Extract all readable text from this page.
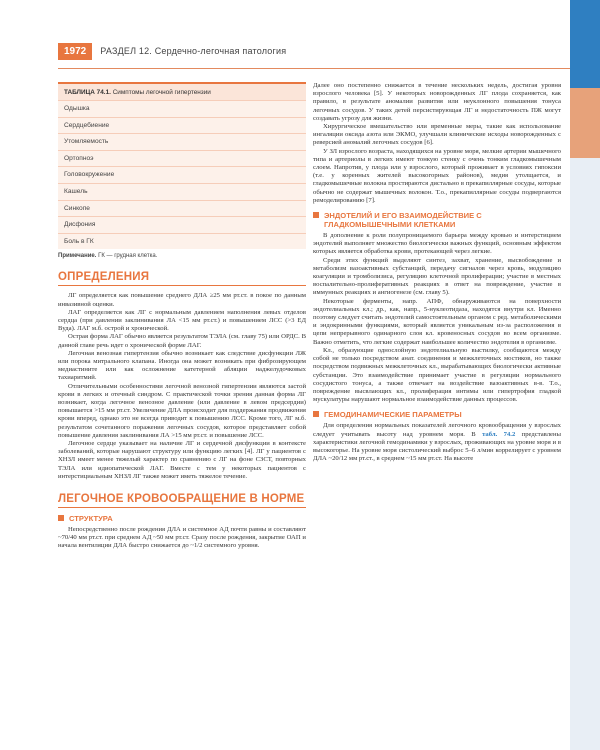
1972	РАЗДЕЛ 12. Сердечно-легочная патология
ТАБЛИЦА 74.1. Симптомы легочной гипертензии
Одышка
Сердцебиение
Утомляемость
Ортопноэ
Головокружение
Кашель
Синкопе
Дисфония
Боль в ГК
Примечание. ГК — грудная клетка.
ОПРЕДЕЛЕНИЯ

ЛГ определяется как повышение среднего ДЛА ≥25 мм рт.ст. в покое по данным инвазивной оценки.

ЛАГ определяется как ЛГ с нормальным давлением наполнения левых отделов сердца (при давлении заклинивания ЛА <15 мм рт.ст.) и повышением ЛСС (>3 ЕД Вуда). ЛАГ м.б. острой и хронической.

Острая форма ЛАГ обычно является результатом ТЭЛА (см. главу 75) или ОРДС. В данной главе речь идет о хронической форме ЛАГ.

Легочная венозная гипертензия обычно возникает как следствие дисфункции ЛЖ или порока митрального клапана. Иногда она может возникать при фиброзирующем медиастините или как осложнение катетерной абляции наджелудочковых тахиаритмий.

Отличительными особенностями легочной венозной гипертензии являются застой крови в легких и отечный синдром. С практической точки зрения данная форма ЛГ возникает, когда легочное венозное давление (или давление в левом предсердии) повышается >15 мм рт.ст. Увеличение ДЛА происходит для поддержания продвижения крови вперед, однако это не всегда приводит к повышению ЛСС. Кроме того, ЛГ м.б. результатом сочетанного поражения легочных сосудов, которое представляет собой повышение давления заклинивания ЛА >15 мм рт.ст. и повышение ЛСС.

Легочное сердце указывает на наличие ЛГ и сердечной дисфункции в контексте заболеваний, которые нарушают структуру или функцию легких [4]. ЛГ у пациентов с ХНЗЛ имеет менее тяжелый характер по сравнению с ЛГ на фоне СЗСТ, повторных ТЭЛА или идиопатической ЛАГ. Вместе с тем у некоторых пациентов с интерстициальным ХНЗЛ ЛГ также может иметь тяжелое течение.

ЛЕГОЧНОЕ КРОВООБРАЩЕНИЕ В НОРМЕ
СТРУКТУРА

Непосредственно после рождения ДЛА и системное АД почти равны и составляют ~70/40 мм рт.ст. при среднем АД ~50 мм рт.ст. Сразу после рождения, закрытие ОАП и начала вентиляции ДЛА быстро снижается до ~1/2 системного уровня.

Далее оно постепенно снижается в течение нескольких недель, достигая уровня взрослого человека [5]. У некоторых новорожденных ЛГ плода сохраняется, как правило, в результате аномалии развития или неуклонного повышения тонуса легочных сосудов. У таких детей персистирующая ЛГ и недостаточность ПЖ могут создавать угрозу для жизни.

Хирургическое вмешательство или временные меры, такие как использование ингаляции оксида азота или ЭКМО, улучшали клинические исходы новорожденных с реверсией аномалий легочных сосудов [6].

У ЗЛ взрослого возраста, находящихся на уровне моря, мелкие артерии мышечного типа и артериолы в легких имеют тонкую стенку с очень тонким гладкомышечным слоем. Напротив, у плода или у взрослого, который проживает в условиях гипоксии (т.е. у коренных жителей высокогорных районов), медия утолщается, и гладкомышечные волокна простираются дистально в прекапиллярные сосуды, которые обычно не содержат мышечных волокон. Т.о., прекапиллярные сосуды подвергаются ремоделированию [7].

ЭНДОТЕЛИЙ И ЕГО ВЗАИМОДЕЙСТВИЕ С ГЛАДКОМЫШЕЧНЫМИ КЛЕТКАМИ

В дополнение к роли полупроницаемого барьера между кровью и интерстицием эндотелий выполняет множество биологически важных функций, основным эффектом которых является обработка крови, протекающей через легкие.

Среди этих функций выделяют синтез, захват, хранение, высвобождение и метаболизм вазоактивных субстанций, передачу сигналов через кровь, модуляцию коагуляции и тромболизиса, регуляцию клеточной пролиферации; участие в местных воспалительно-пролиферативных реакциях в ответ на повреждение, участие в иммунных реакциях и ангиогенезе (см. главу 5).

Некоторые ферменты, напр. АПФ, обнаруживаются на поверхности эндотелиальных кл.; др., как, напр., 5-нуклеотидаза, находятся внутри кл. Именно поэтому следует считать эндотелий самостоятельным органом с ред. метаболическими и эндокринными функциями, который является уникальным из-за расположения в цепи непрерывного одинарного слоя кл. кровеносных сосудов во всем организме. Важно отметить, что легкие содержат наибольшее количество эндотелия в организме.

Кл., образующие однослойную эндотелиальную выстилку, сообщаются между собой не только посредством анат. соединения и межклеточных мостиков, но также посредством подвижных межклеточных кл., вырабатывающих биологически активные субстанции. Это взаимодействие принимает участие в регуляции нормального сосудистого тонуса, а также отвечает на воздействие вазоактивных в-в. Т.о., повреждение высвлающих кл., пролиферация интимы или гипертрофия гладкой мускулатуры нарушают нормальное взаимодействие данных процессов.

ГЕМОДИНАМИЧЕСКИЕ ПАРАМЕТРЫ

Для определения нормальных показателей легочного кровообращения у взрослых следует учитывать высоту над уровнем моря. В табл. 74.2 представлены характеристики легочной гемодинамики у взрослых, проживающих на уровне моря и в высокогорье. На уровне моря систолический выброс 5–6 л/мин коррелирует с уровнем ДЛА ~20/12 мм рт.ст., в среднем ~15 мм рт.ст. На высоте
